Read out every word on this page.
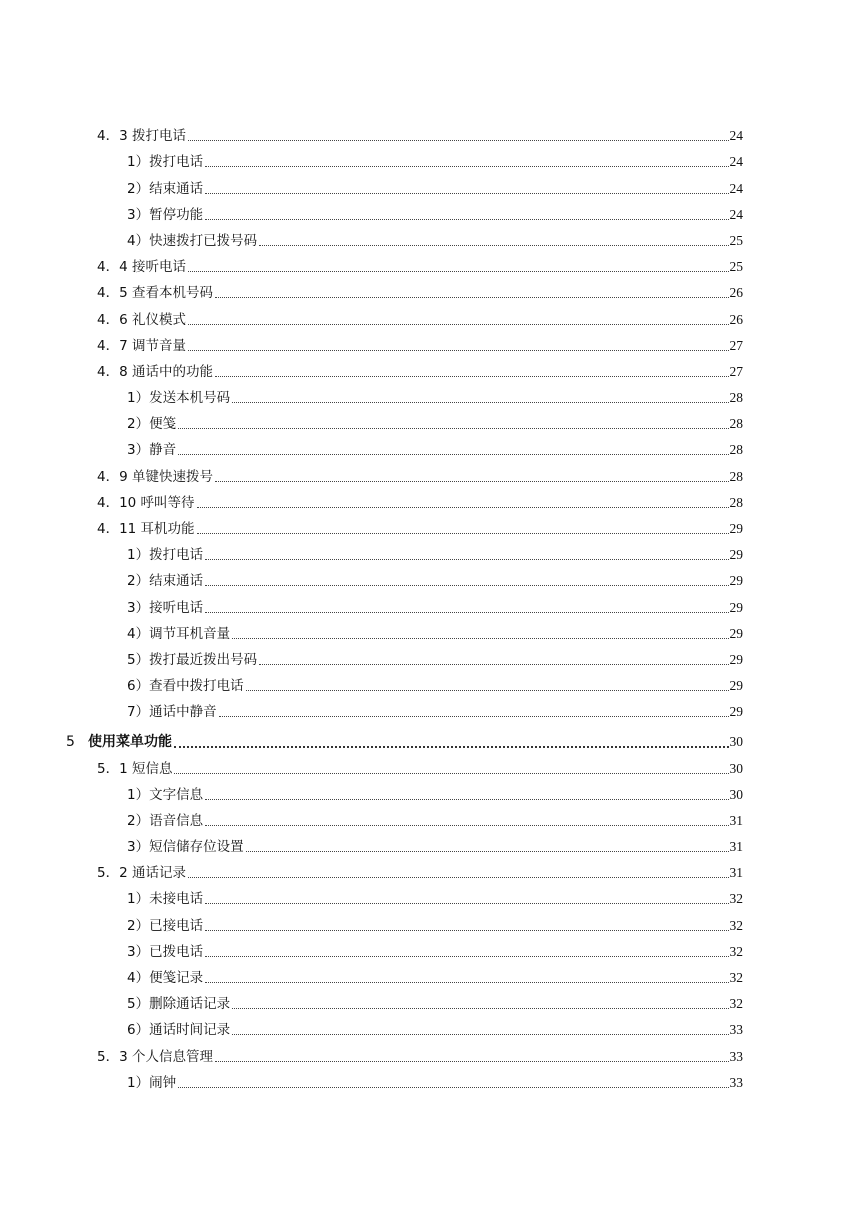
4．3 拨打电话	24
1）拨打电话	24
2）结束通话	24
3）暂停功能	24
4）快速拨打已拨号码	25
4．4 接听电话	25
4．5 查看本机号码	26
4．6 礼仪模式	26
4．7 调节音量	27
4．8 通话中的功能	27
1）发送本机号码	28
2）便笺	28
3）静音	28
4．9 单键快速拨号	28
4．10 呼叫等待	28
4．11 耳机功能	29
1）拨打电话	29
2）结束通话	29
3）接听电话	29
4）调节耳机音量	29
5）拨打最近拨出号码	29
6）查看中拨打电话	29
7）通话中静音	29
5 使用菜单功能	30
5．1 短信息	30
1）文字信息	30
2）语音信息	31
3）短信储存位设置	31
5．2 通话记录	31
1）未接电话	32
2）已接电话	32
3）已拨电话	32
4）便笺记录	32
5）删除通话记录	32
6）通话时间记录	33
5．3 个人信息管理	33
1）闹钟	33
